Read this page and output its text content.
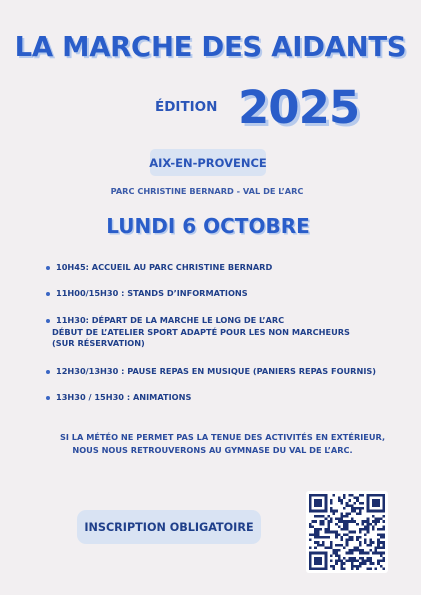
LA MARCHE DES AIDANTS
ÉDITION 2025
AIX-EN-PROVENCE
PARC CHRISTINE BERNARD - VAL DE L’ARC
LUNDI 6 OCTOBRE
10H45: ACCUEIL AU PARC CHRISTINE BERNARD
11H00/15H30 : STANDS D’INFORMATIONS
11H30: DÉPART DE LA MARCHE LE LONG DE L’ARC
DÉBUT DE L’ATELIER SPORT ADAPTÉ POUR LES NON MARCHEURS (SUR RÉSERVATION)
12H30/13H30 : PAUSE REPAS EN MUSIQUE (PANIERS REPAS FOURNIS)
13H30 / 15H30 : ANIMATIONS
SI LA MÉTÉO NE PERMET PAS LA TENUE DES ACTIVITÉS EN EXTÉRIEUR,
NOUS NOUS RETROUVERONS AU GYMNASE DU VAL DE L’ARC.
INSCRIPTION OBLIGATOIRE
